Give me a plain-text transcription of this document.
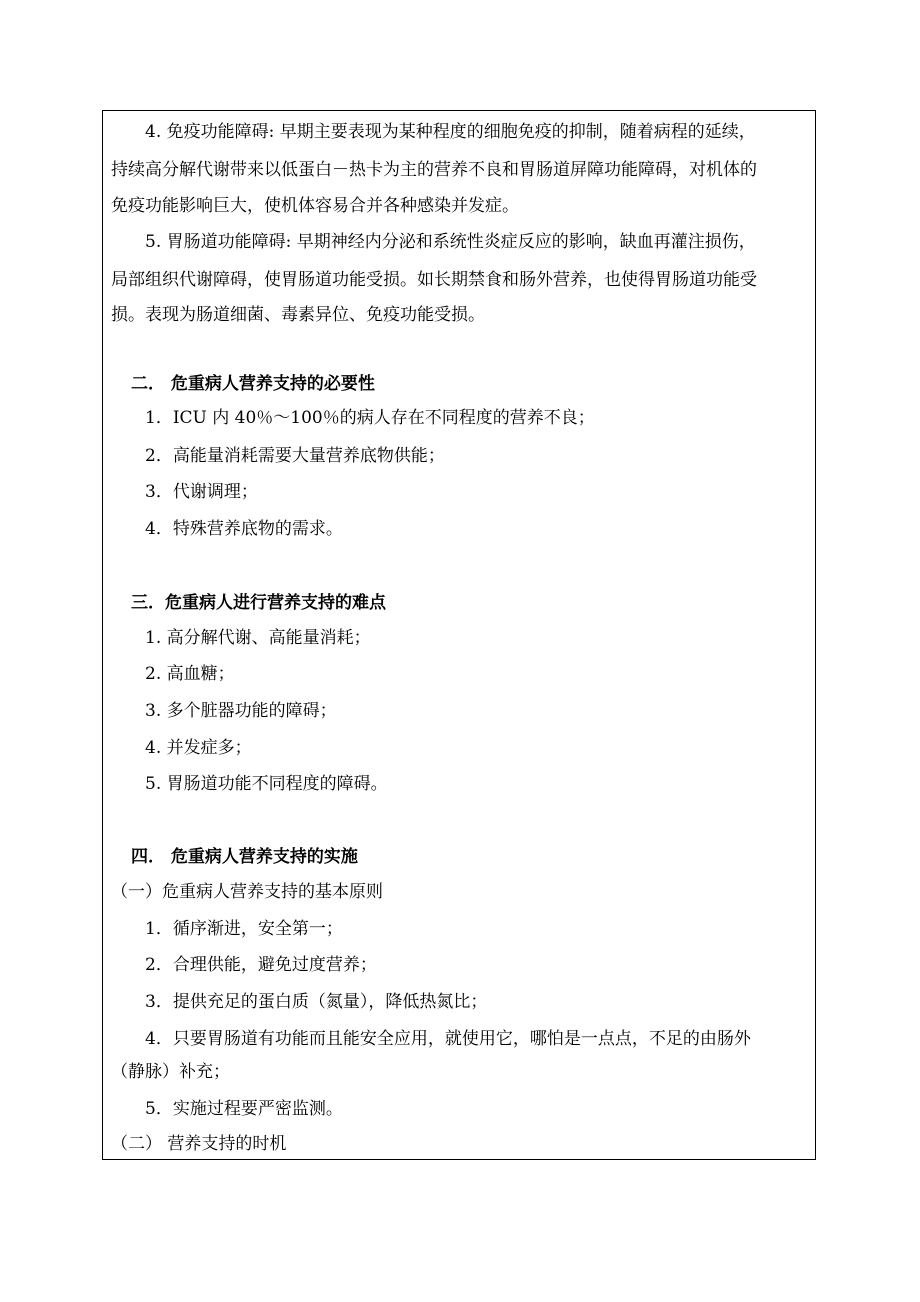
4. 免疫功能障碍: 早期主要表现为某种程度的细胞免疫的抑制，随着病程的延续，
持续高分解代谢带来以低蛋白－热卡为主的营养不良和胃肠道屏障功能障碍，对机体的
免疫功能影响巨大，使机体容易合并各种感染并发症。
5. 胃肠道功能障碍: 早期神经内分泌和系统性炎症反应的影响，缺血再灌注损伤，
局部组织代谢障碍，使胃肠道功能受损。如长期禁食和肠外营养，也使得胃肠道功能受
损。表现为肠道细菌、毒素异位、免疫功能受损。
二． 危重病人营养支持的必要性
1．ICU 内 40％～100％的病人存在不同程度的营养不良；
2．高能量消耗需要大量营养底物供能；
3．代谢调理；
4．特殊营养底物的需求。
三．危重病人进行营养支持的难点
1. 高分解代谢、高能量消耗；
2. 高血糖；
3. 多个脏器功能的障碍；
4. 并发症多；
5. 胃肠道功能不同程度的障碍。
四． 危重病人营养支持的实施
（一）危重病人营养支持的基本原则
1．循序渐进，安全第一；
2．合理供能，避免过度营养；
3．提供充足的蛋白质（氮量），降低热氮比；
4．只要胃肠道有功能而且能安全应用，就使用它，哪怕是一点点，不足的由肠外
（静脉）补充；
5．实施过程要严密监测。
（二） 营养支持的时机
